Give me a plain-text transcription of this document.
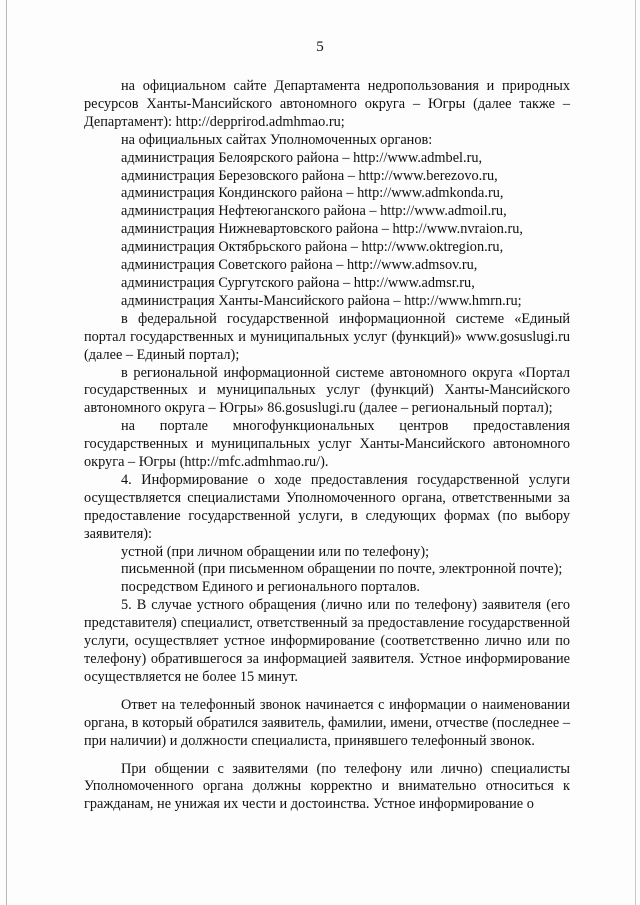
5

на официальном сайте Департамента недропользования и природных ресурсов Ханты-Мансийского автономного округа – Югры (далее также – Департамент): http://depprirod.admhmao.ru;

на официальных сайтах Уполномоченных органов:

администрация Белоярского района – http://www.admbel.ru,

администрация Березовского района – http://www.berezovo.ru,

администрация Кондинского района – http://www.admkonda.ru,

администрация Нефтеюганского района – http://www.admoil.ru,

администрация Нижневартовского района – http://www.nvraion.ru,

администрация Октябрьского района – http://www.oktregion.ru,

администрация Советского района – http://www.admsov.ru,

администрация Сургутского района – http://www.admsr.ru,

администрация Ханты-Мансийского района – http://www.hmrn.ru;

в федеральной государственной информационной системе «Единый портал государственных и муниципальных услуг (функций)» www.gosuslugi.ru (далее – Единый портал);

в региональной информационной системе автономного округа «Портал государственных и муниципальных услуг (функций) Ханты-Мансийского автономного округа – Югры» 86.gosuslugi.ru (далее – региональный портал);

на портале многофункциональных центров предоставления государственных и муниципальных услуг Ханты-Мансийского автономного округа – Югры (http://mfc.admhmao.ru/).

4. Информирование о ходе предоставления государственной услуги осуществляется специалистами Уполномоченного органа, ответственными за предоставление государственной услуги, в следующих формах (по выбору заявителя):

устной (при личном обращении или по телефону);

письменной (при письменном обращении по почте, электронной почте);

посредством Единого и регионального порталов.

5. В случае устного обращения (лично или по телефону) заявителя (его представителя) специалист, ответственный за предоставление государственной услуги, осуществляет устное информирование (соответственно лично или по телефону) обратившегося за информацией заявителя. Устное информирование осуществляется не более 15 минут.

Ответ на телефонный звонок начинается с информации о наименовании органа, в который обратился заявитель, фамилии, имени, отчестве (последнее – при наличии) и должности специалиста, принявшего телефонный звонок.

При общении с заявителями (по телефону или лично) специалисты Уполномоченного органа должны корректно и внимательно относиться к гражданам, не унижая их чести и достоинства. Устное информирование о
